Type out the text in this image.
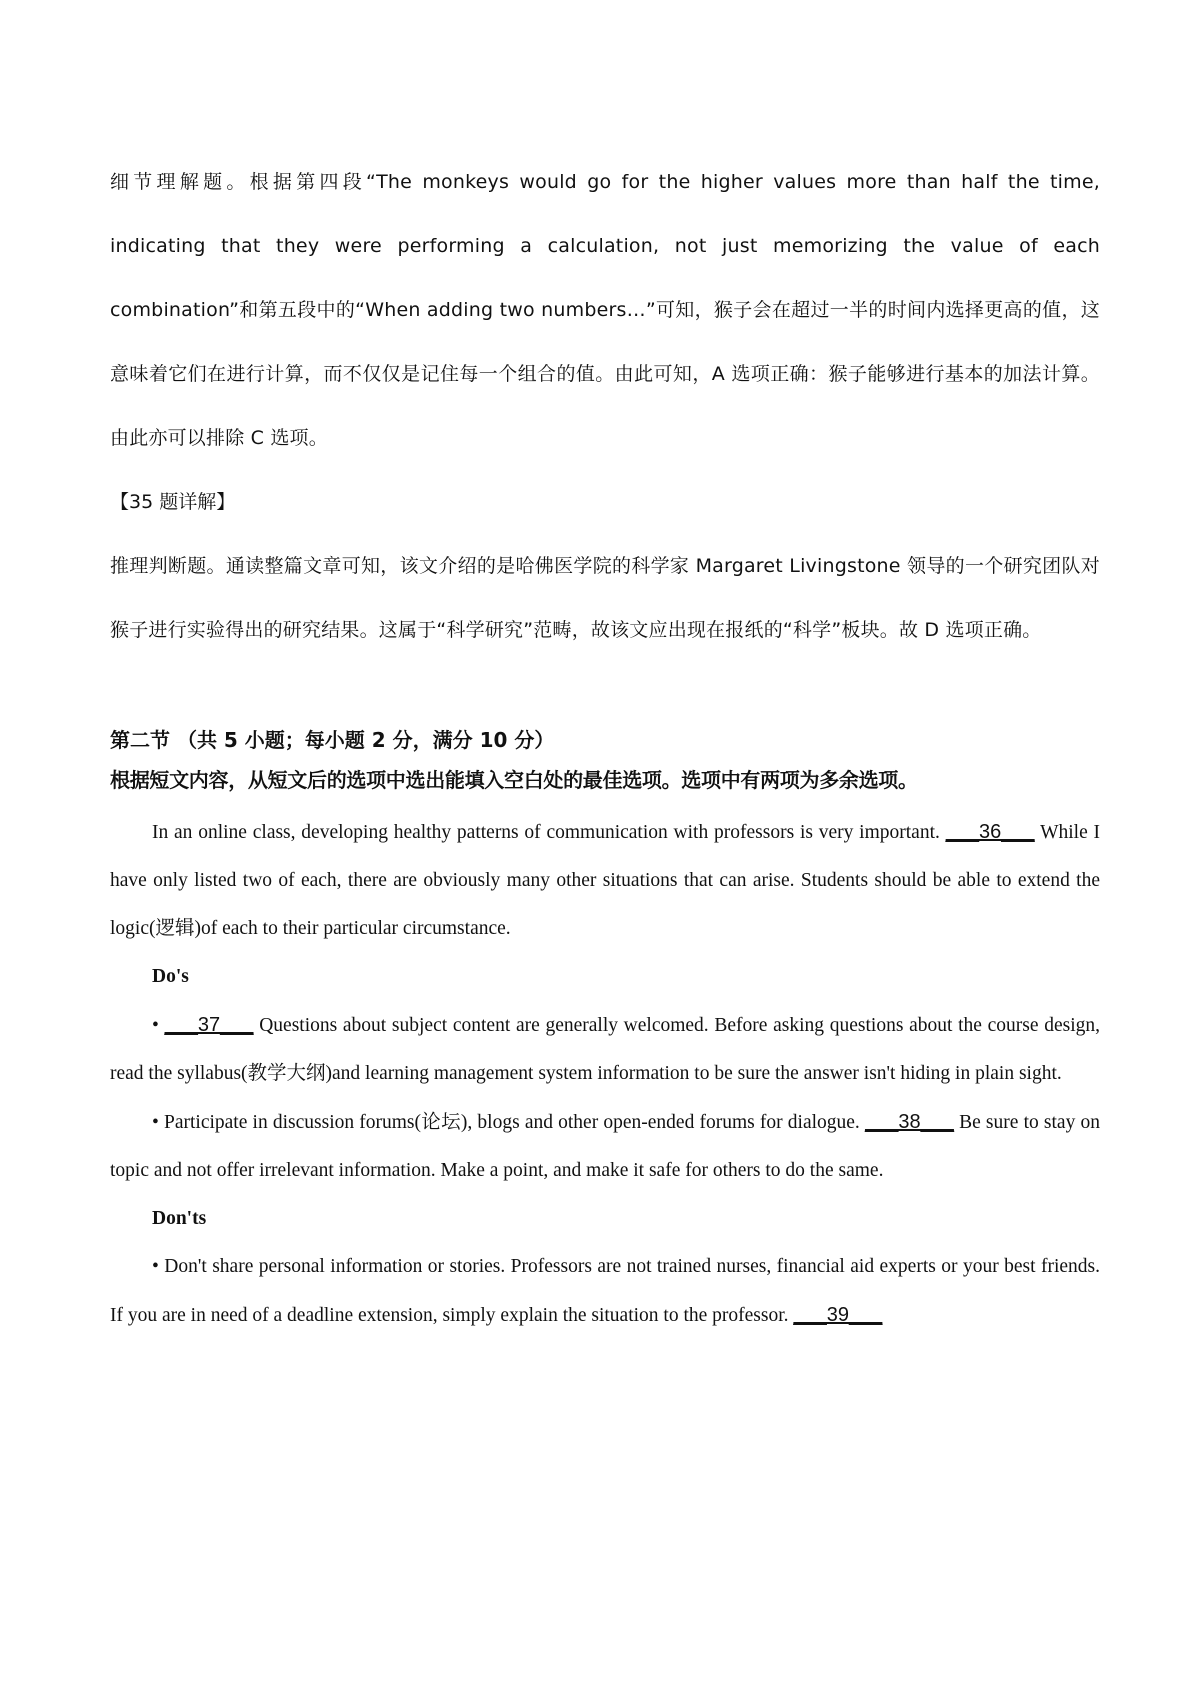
细节理解题。根据第四段“The monkeys would go for the higher values more than half the time, indicating that they were performing a calculation, not just memorizing the value of each combination”和第五段中的“When adding two numbers…”可知，猴子会在超过一半的时间内选择更高的值，这意味着它们在进行计算，而不仅仅是记住每一个组合的值。由此可知，A 选项正确：猴子能够进行基本的加法计算。由此亦可以排除 C 选项。

【35 题详解】

推理判断题。通读整篇文章可知，该文介绍的是哈佛医学院的科学家 Margaret Livingstone 领导的一个研究团队对猴子进行实验得出的研究结果。这属于“科学研究”范畴，故该文应出现在报纸的“科学”板块。故 D 选项正确。

第二节 （共 5 小题；每小题 2 分，满分 10 分）

根据短文内容，从短文后的选项中选出能填入空白处的最佳选项。选项中有两项为多余选项。

In an online class, developing healthy patterns of communication with professors is very important. ___36___ While I have only listed two of each, there are obviously many other situations that can arise. Students should be able to extend the logic(逻辑)of each to their particular circumstance.

Do's

• ___37___ Questions about subject content are generally welcomed. Before asking questions about the course design, read the syllabus(教学大纲)and learning management system information to be sure the answer isn't hiding in plain sight.

• Participate in discussion forums(论坛), blogs and other open-ended forums for dialogue. ___38___ Be sure to stay on topic and not offer irrelevant information. Make a point, and make it safe for others to do the same.

Don'ts

• Don't share personal information or stories. Professors are not trained nurses, financial aid experts or your best friends. If you are in need of a deadline extension, simply explain the situation to the professor. ___39___
